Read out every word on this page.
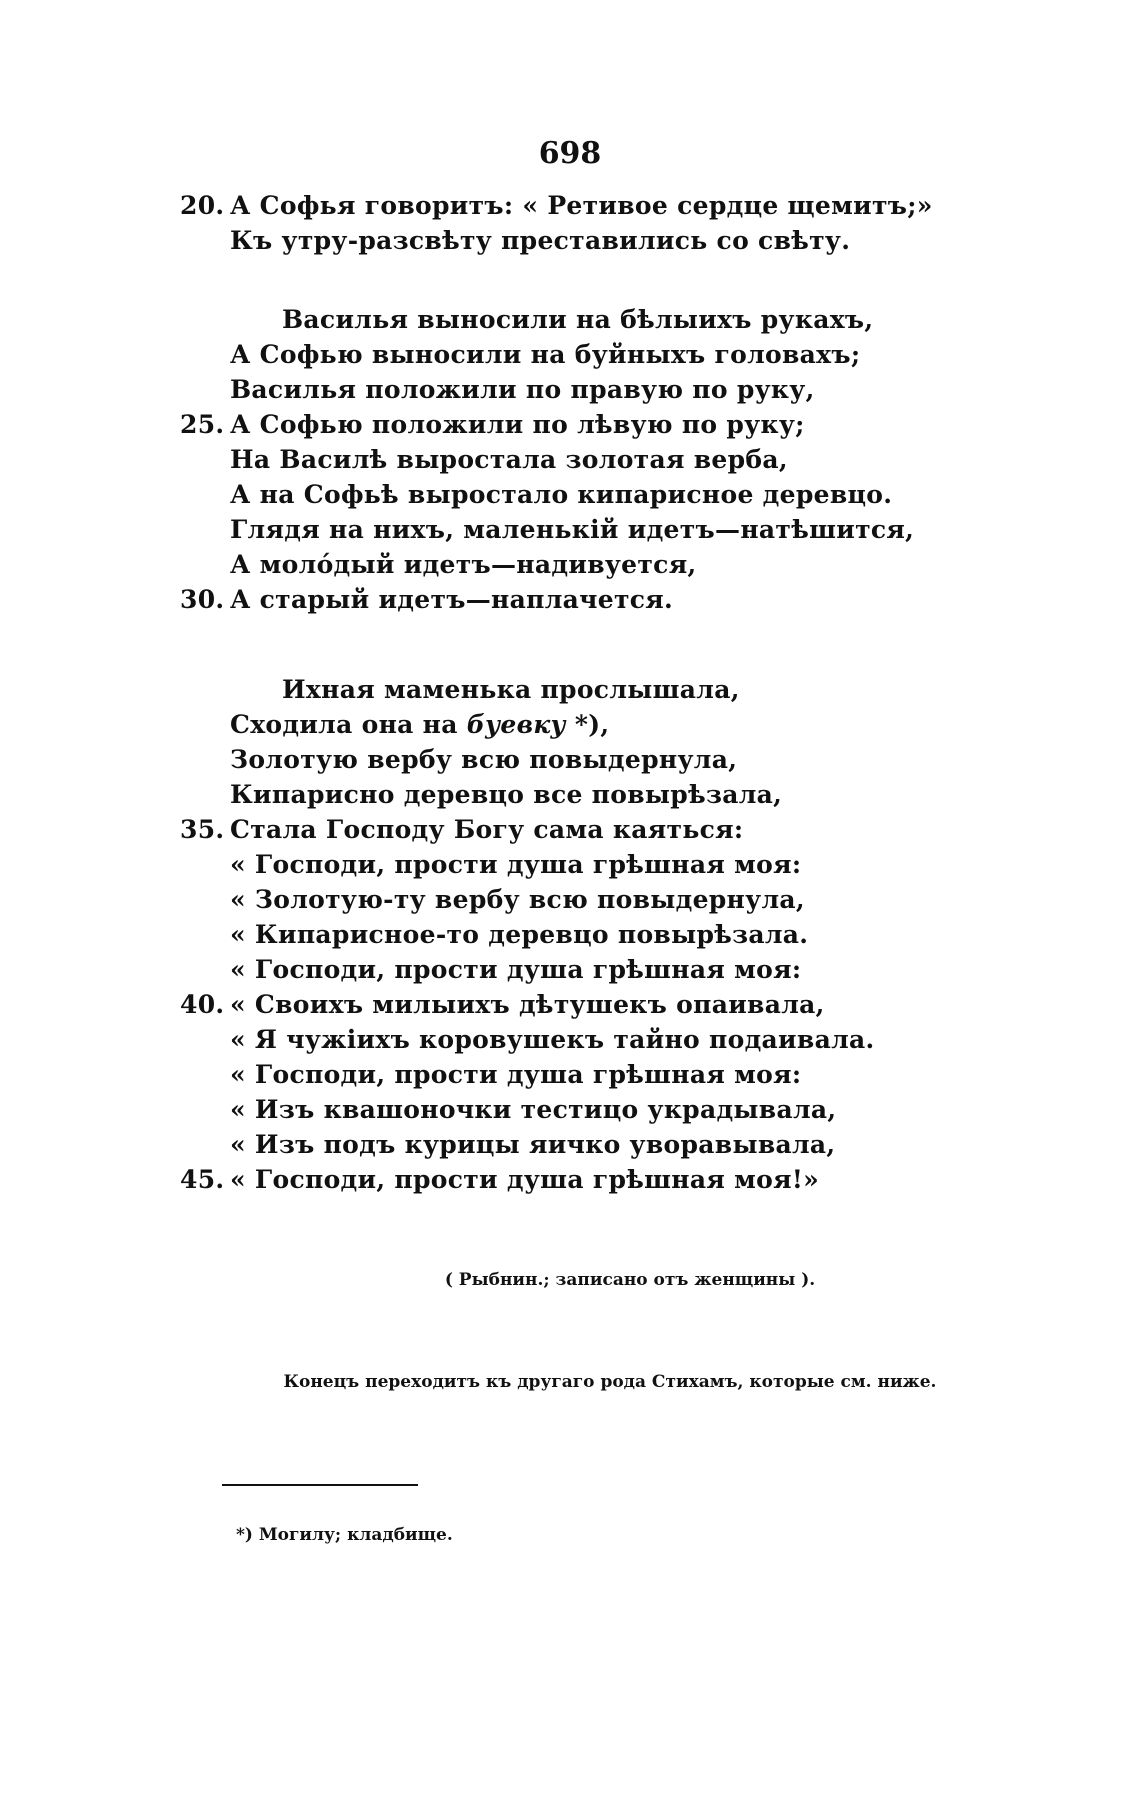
698
20. А Софья говоритъ: « Ретивое сердце щемитъ;»
Къ утру-разсвѣту преставились со свѣту.
Василья выносили на бѣлыихъ рукахъ,
А Софью выносили на буйныхъ головахъ;
Василья положили по правую по руку,
25. А Софью положили по лѣвую по руку;
На Василѣ выростала золотая верба,
А на Софьѣ выростало кипарисное деревцо.
Глядя на нихъ, маленькій идетъ—натѣшится,
А молóдый идетъ—надивуется,
30. А старый идетъ—наплачется.
Ихная маменька прослышала,
Сходила она на буевку *),
Золотую вербу всю повыдернула,
Кипарисно деревцо все повырѣзала,
35. Стала Господу Богу сама каяться:
« Господи, прости душа грѣшная моя:
« Золотую-ту вербу всю повыдернула,
« Кипарисное-то деревцо повырѣзала.
« Господи, прости душа грѣшная моя:
40. « Своихъ милыихъ дѣтушекъ опаивала,
« Я чужіихъ коровушекъ тайно подаивала.
« Господи, прости душа грѣшная моя:
« Изъ квашоночки тестицо украдывала,
« Изъ подъ курицы яичко уворавывала,
45. « Господи, прости душа грѣшная моя!»
( Рыбнин.; записано отъ женщины ).
Конецъ переходитъ къ другаго рода Стихамъ, которые см. ниже.
*) Могилу; кладбище.
